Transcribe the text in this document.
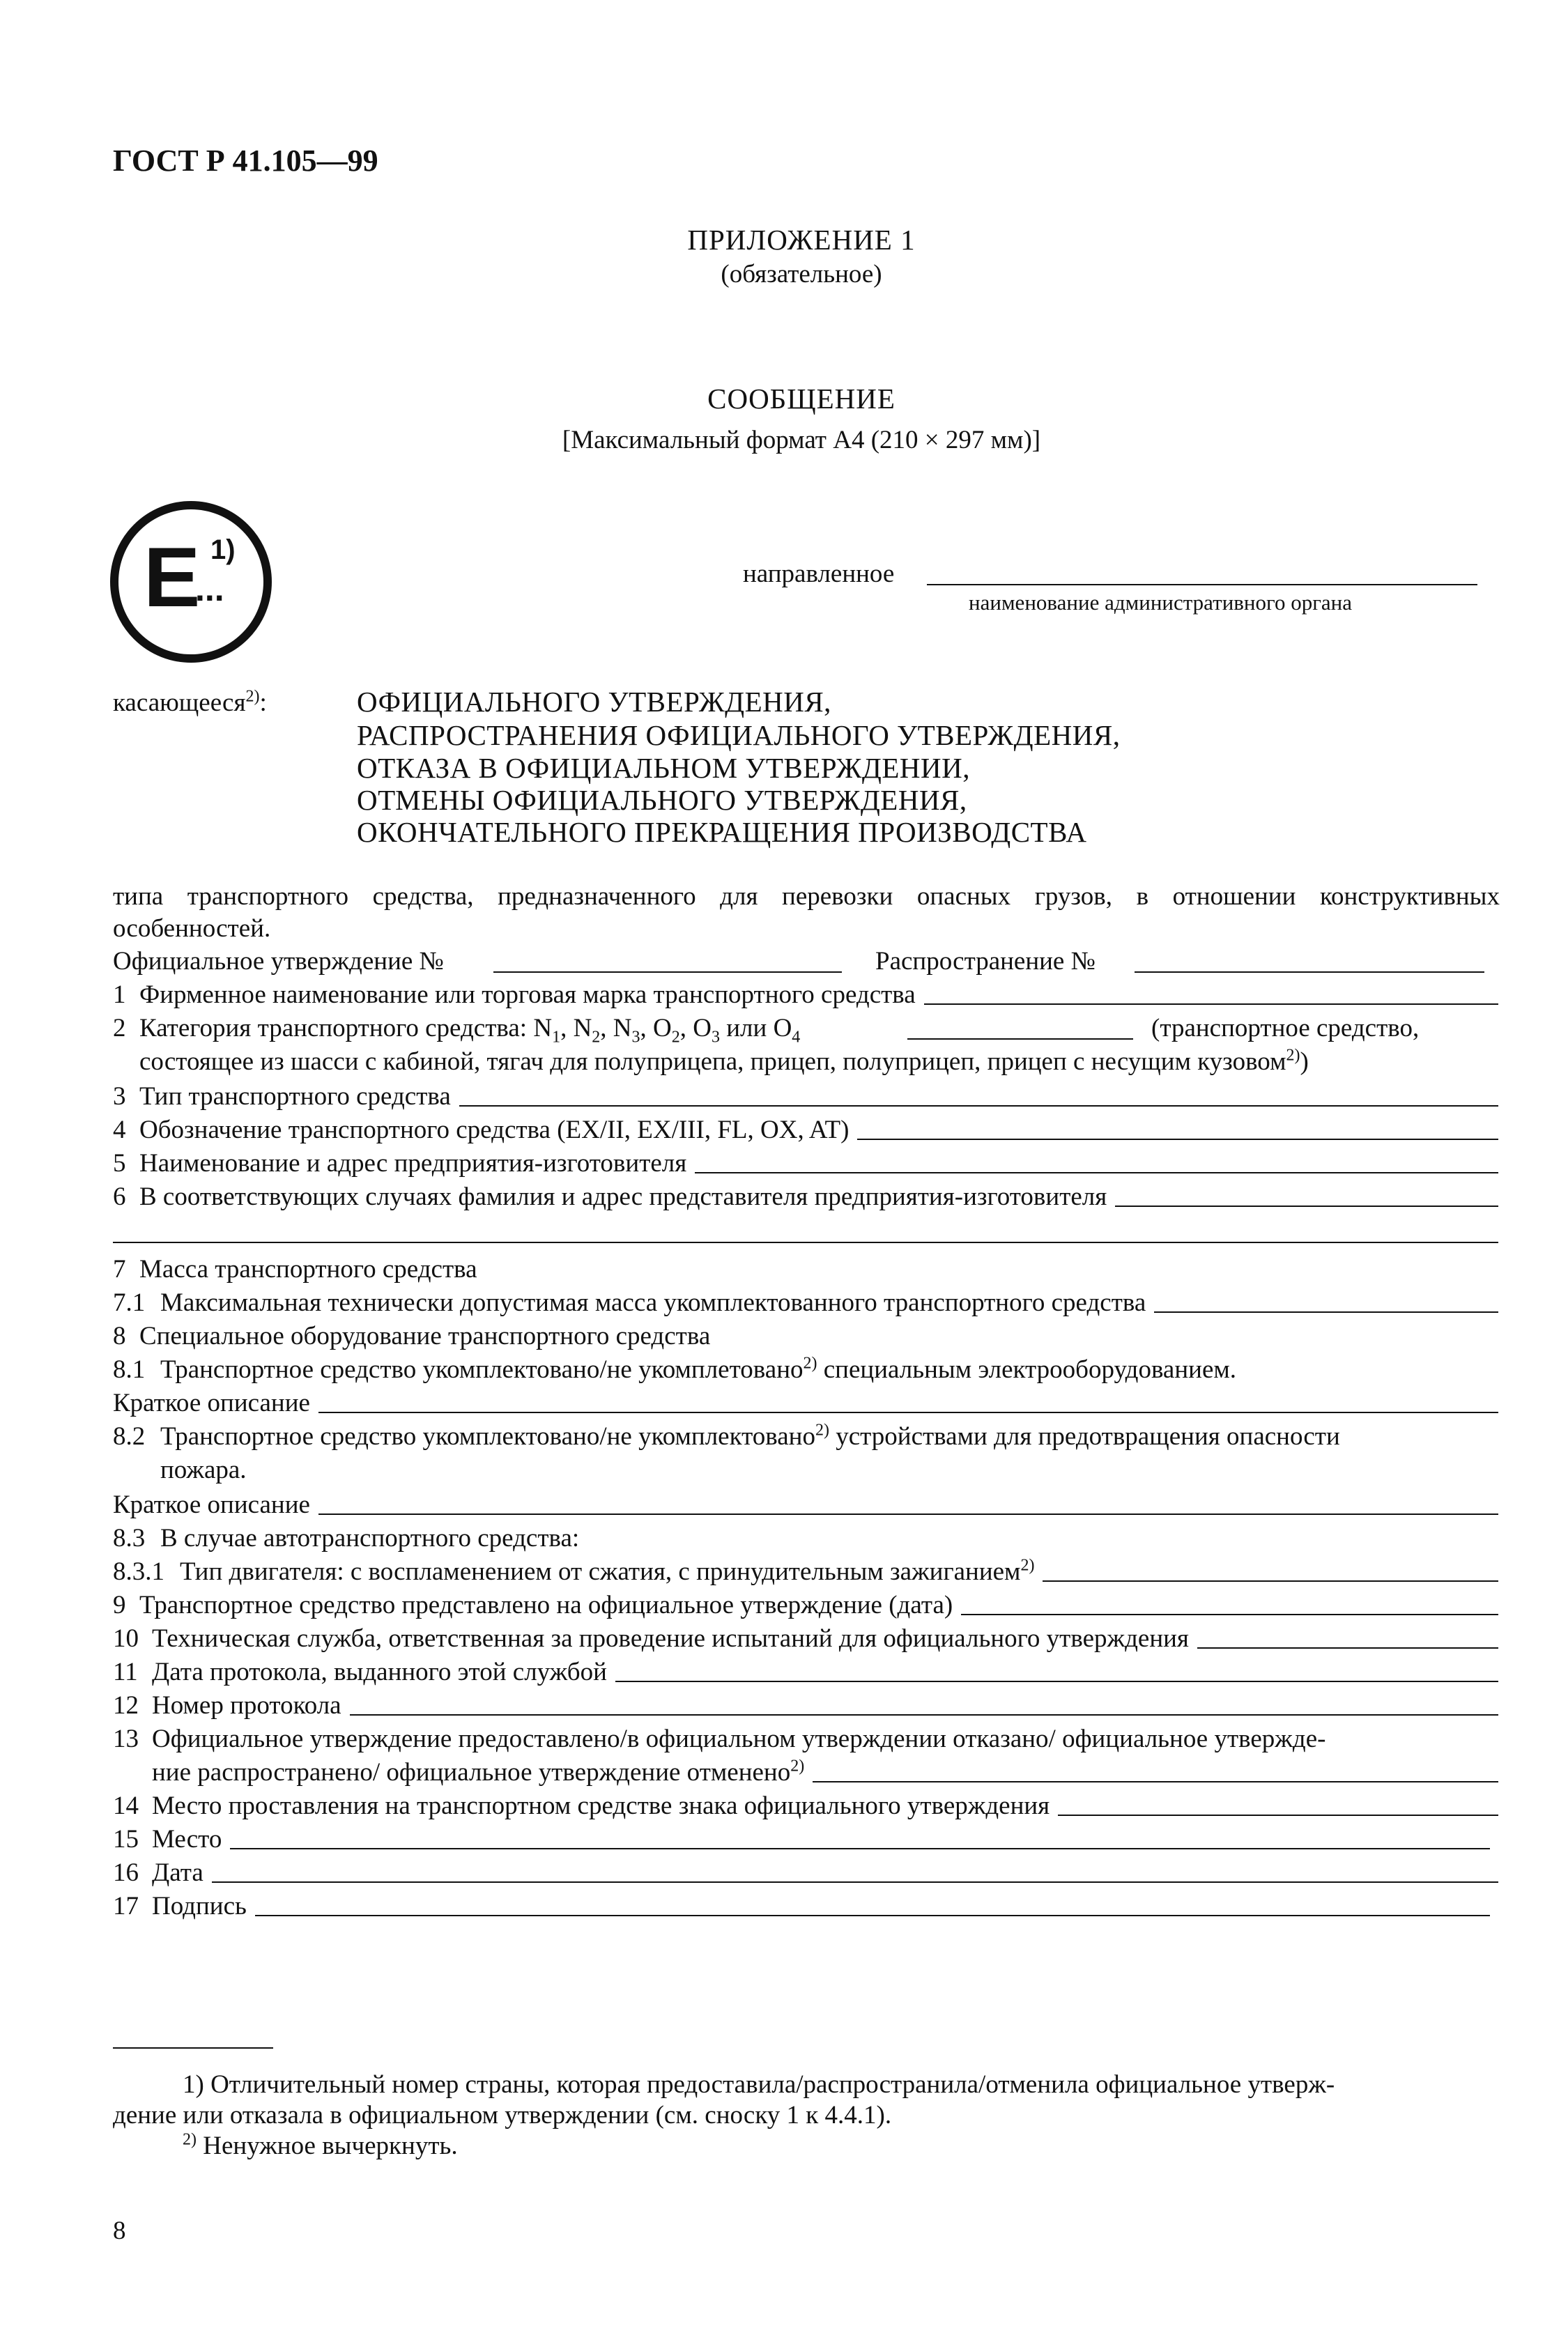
ГОСТ Р 41.105—99
ПРИЛОЖЕНИЕ 1
(обязательное)
СООБЩЕНИЕ
[Максимальный формат А4 (210 × 297 мм)]
E
...
1)
направленное
наименование административного органа
касающееся$^{2)}$:	ОФИЦИАЛЬНОГО УТВЕРЖДЕНИЯ,
РАСПРОСТРАНЕНИЯ ОФИЦИАЛЬНОГО УТВЕРЖДЕНИЯ,
ОТКАЗА В ОФИЦИАЛЬНОМ УТВЕРЖДЕНИИ,
ОТМЕНЫ ОФИЦИАЛЬНОГО УТВЕРЖДЕНИЯ,
ОКОНЧАТЕЛЬНОГО ПРЕКРАЩЕНИЯ ПРОИЗВОДСТВА
типа транспортного средства, предназначенного для перевозки опасных грузов, в отношении конструктивных
особенностей.
Официальное утверждение №	Распространение №
1 Фирменное наименование или торговая марка транспортного средства
2 Категория транспортного средства: $N_1$, $N_2$, $N_3$, $O_2$, $O_3$ или $O_4$	(транспортное средство,
состоящее из шасси с кабиной, тягач для полуприцепа, прицеп, полуприцеп, прицеп с несущим кузовом$^{2)}$)
3 Тип транспортного средства
4 Обозначение транспортного средства (EX/II, EX/III, FL, OX, AT)
5 Наименование и адрес предприятия-изготовителя
6 В соответствующих случаях фамилия и адрес представителя предприятия-изготовителя
7 Масса транспортного средства
7.1 Максимальная технически допустимая масса укомплектованного транспортного средства
8 Специальное оборудование транспортного средства
8.1 Транспортное средство укомплектовано/не укомплетовано$^{2)}$ специальным электрооборудованием.
Краткое описание
8.2 Транспортное средство укомплектовано/не укомплектовано$^{2)}$ устройствами для предотвращения опасности
пожара.
Краткое описание
8.3 В случае автотранспортного средства:
8.3.1 Тип двигателя: с воспламенением от сжатия, с принудительным зажиганием$^{2)}$
9 Транспортное средство представлено на официальное утверждение (дата)
10 Техническая служба, ответственная за проведение испытаний для официального утверждения
11 Дата протокола, выданного этой службой
12 Номер протокола
13 Официальное утверждение предоставлено/в официальном утверждении отказано/ официальное утвержде-
ние распространено/ официальное утверждение отменено$^{2)}$
14 Место проставления на транспортном средстве знака официального утверждения
15 Место
16 Дата
17 Подпись
1) Отличительный номер страны, которая предоставила/распространила/отменила официальное утверж-
дение или отказала в официальном утверждении (см. сноску 1 к 4.4.1).
$^{2)}$ Ненужное вычеркнуть.
8
